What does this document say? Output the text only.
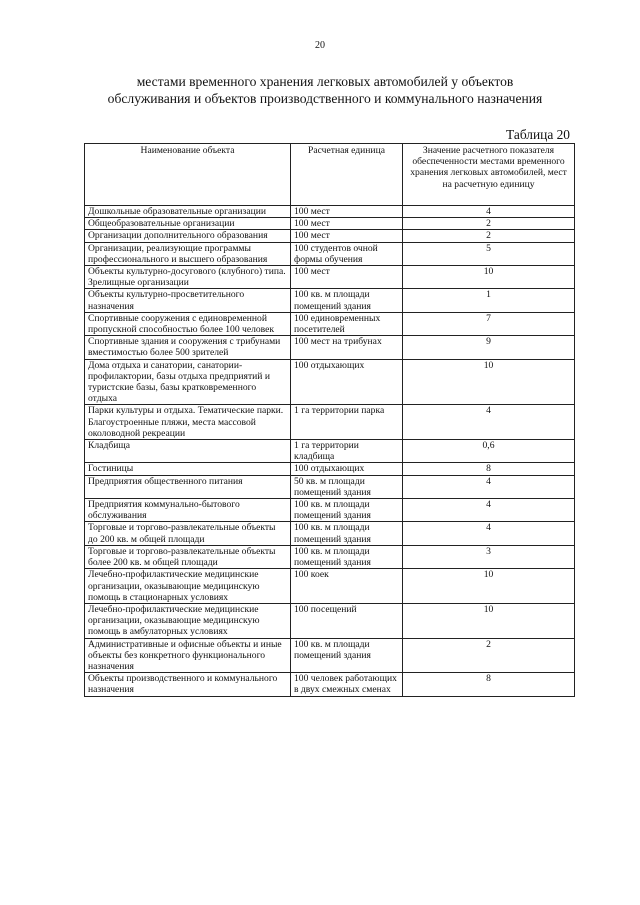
20
местами временного хранения легковых автомобилей у объектов
обслуживания и объектов производственного и коммунального назначения
Таблица 20
Наименование объекта	Расчетная единица	Значение расчетного показателя обеспеченности местами временного хранения легковых автомобилей, мест на расчетную единицу
Дошкольные образовательные организации	100 мест	4
Общеобразовательные организации	100 мест	2
Организации дополнительного образования	100 мест	2
Организации, реализующие программы профессионального и высшего образования	100 студентов очной формы обучения	5
Объекты культурно-досугового (клубного) типа. Зрелищные организации	100 мест	10
Объекты культурно-просветительного назначения	100 кв. м площади помещений здания	1
Спортивные сооружения с единовременной пропускной способностью более 100 человек	100 единовременных посетителей	7
Спортивные здания и сооружения с трибунами вместимостью более 500 зрителей	100 мест на трибунах	9
Дома отдыха и санатории, санатории-профилактории, базы отдыха предприятий и туристские базы, базы кратковременного отдыха	100 отдыхающих	10
Парки культуры и отдыха. Тематические парки. Благоустроенные пляжи, места массовой околоводной рекреации	1 га территории парка	4
Кладбища	1 га территории кладбища	0,6
Гостиницы	100 отдыхающих	8
Предприятия общественного питания	50 кв. м площади помещений здания	4
Предприятия коммунально-бытового обслуживания	100 кв. м площади помещений здания	4
Торговые и торгово-развлекательные объекты до 200 кв. м общей площади	100 кв. м площади помещений здания	4
Торговые и торгово-развлекательные объекты более 200 кв. м общей площади	100 кв. м площади помещений здания	3
Лечебно-профилактические медицинские организации, оказывающие медицинскую помощь в стационарных условиях	100 коек	10
Лечебно-профилактические медицинские организации, оказывающие медицинскую помощь в амбулаторных условиях	100 посещений	10
Административные и офисные объекты и иные объекты без конкретного функционального назначения	100 кв. м площади помещений здания	2
Объекты производственного и коммунального назначения	100 человек работающих в двух смежных сменах	8
